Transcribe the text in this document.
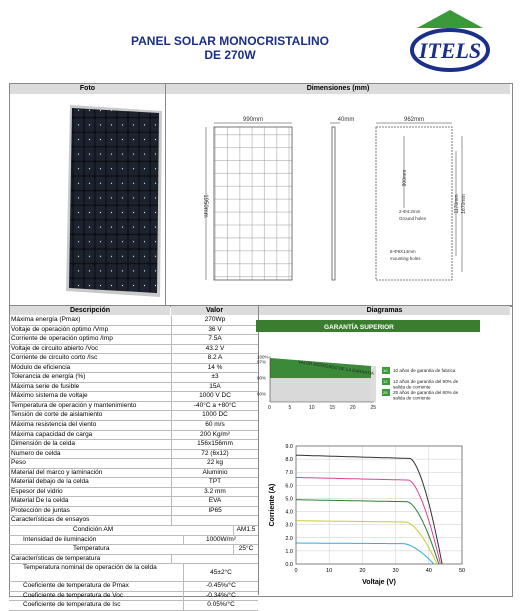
PANEL SOLAR MONOCRISTALINO
DE 270W	ITELS
Foto	Dimensiones (mm)
990mm
1950mm
40mm	962mm
900mm
1170mm 1670mm
2-Φ4.2mm
Ground holes
8-Φ9X14mm
mounting holes
Descripción	Valor	Diagramas
Máxima energía (Pmax)	270Wp
Voltaje de operación optimo /Vmp	36 V
Corriente de operación optimo /Imp	7.5A
Voltaje de circuito abierto /Voc	43.2 V
Corriente de circuito corto /Isc	8.2 A
Módulo de eficiencia	14 %
Tolerancia de energía (%)	±3
Máxima serie de fusible	15A
Máximo sistema de voltaje	1000 V DC
Temperatura de operación y mantenimiento	-40°C a +80°C
Tensión de corte de aislamiento	1000 DC
Máxima resistencia del viento	60 m/s
Máxima capacidad de carga	200 Kg/m²
Dimensión de la celda	156x156mm
Numero de celda	72 (6x12)
Peso	22 kg
Material del marco y laminación	Aluminio
Material debajo de la celda	TPT
Espesor del vidrio	3.2 mm
Material De la celda	EVA
Protección de juntas	IP65
Características de ensayos
Condición AM	AM1.5
Intensidad de iluminación	1000W/m²
Temperatura	25°C
Características de temperatura
Temperatura nominal de operación de la celda
45±2°C
Coeficiente de temperatura de Pmax	-0.45%/°C
Coeficiente de temperatura de Voc	-0.34%/°C
Coeficiente de temperatura de Isc	0.05%/°C
GARANTÍA SUPERIOR
VALOR AGREGADO DE LA GARANTÍA
100%
97%
90%
80%
0	5	10	15	20	25
10 10 años de garantía de fabrica
12 12 años de garantía del 90% de salida de corriente
25 25 años de garantía del 80% de salida de corriente
0.0
1.0
2.0
3.0
4.0
5.0
6.0
7.0
8.0
9.0
0	10	20	30	40	50
Voltaje (V)
Corriente (A)
